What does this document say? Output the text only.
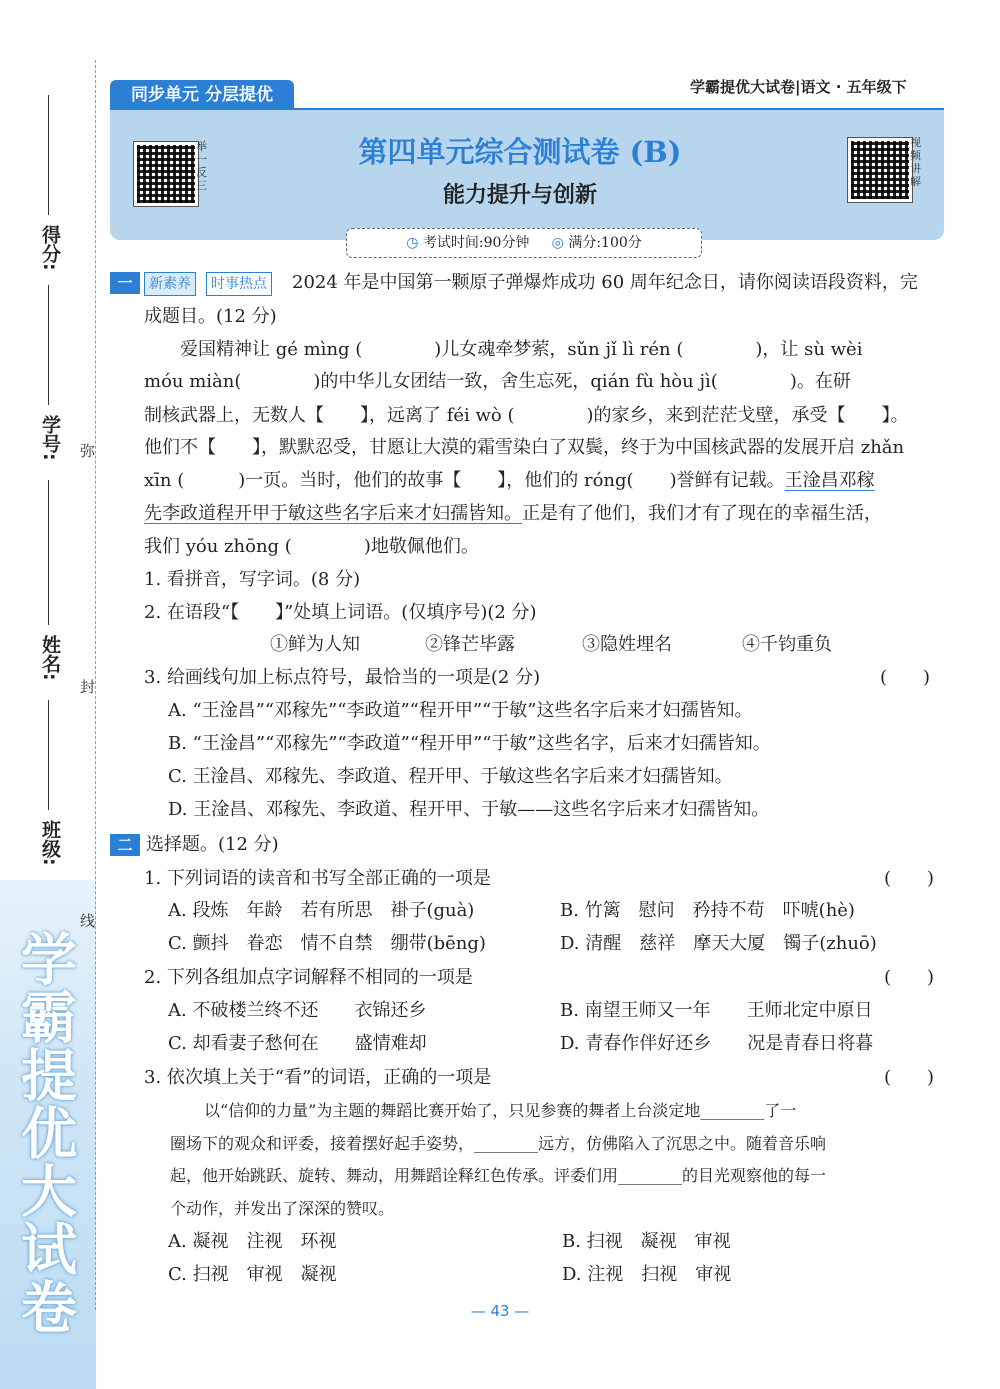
学霸提优大试卷
得分:
学号:
姓名:
班级:
弥
封
线
同步单元 分层提优	学霸提优大试卷|语文 · 五年级下
举一反三
视频讲解
第四单元综合测试卷 (B)
能力提升与创新
◷ 考试时间:90分钟 ◎ 满分:100分
一	新素养	时事热点 2024 年是中国第一颗原子弹爆炸成功 60 周年纪念日，请你阅读语段资料，完
成题目。(12 分)
爱国精神让 gé mìng (　　　　)儿女魂牵梦萦，sǔn jǐ lì rén (　　　　)，让 sù wèi
móu miàn(　　　　)的中华儿女团结一致，舍生忘死，qián fù hòu jì(　　　　)。在研
制核武器上，无数人【　　】，远离了 féi wò (　　　　)的家乡，来到茫茫戈壁，承受【　　】。
他们不【　　】，默默忍受，甘愿让大漠的霜雪染白了双鬓，终于为中国核武器的发展开启 zhǎn
xīn (　　　)一页。当时，他们的故事【　　】，他们的 róng(　　)誉鲜有记载。王淦昌邓稼
先李政道程开甲于敏这些名字后来才妇孺皆知。正是有了他们，我们才有了现在的幸福生活，
我们 yóu zhōng (　　　　)地敬佩他们。
1. 看拼音，写字词。(8 分)
2. 在语段“【　　】”处填上词语。(仅填序号)(2 分)
①鲜为人知	②锋芒毕露	③隐姓埋名	④千钧重负
3. 给画线句加上标点符号，最恰当的一项是(2 分)	(　　)
A. “王淦昌”“邓稼先”“李政道”“程开甲”“于敏”这些名字后来才妇孺皆知。
B. “王淦昌”“邓稼先”“李政道”“程开甲”“于敏”这些名字，后来才妇孺皆知。
C. 王淦昌、邓稼先、李政道、程开甲、于敏这些名字后来才妇孺皆知。
D. 王淦昌、邓稼先、李政道、程开甲、于敏——这些名字后来才妇孺皆知。
二 选择题。(12 分)
1. 下列词语的读音和书写全部正确的一项是	(　　)
A. 段炼　年龄　若有所思　褂子(guà)	B. 竹篱　慰问　矜持不苟　吓唬(hè)
C. 颤抖　眷恋　情不自禁　绷带(bēng)	D. 清醒　慈祥　摩天大厦　镯子(zhuō)
2. 下列各组加点字词解释不相同的一项是	(　　)
A. 不破楼兰终不还　　衣锦还乡	B. 南望王师又一年　　王师北定中原日
C. 却看妻子愁何在　　盛情难却	D. 青春作伴好还乡　　况是青春日将暮
3. 依次填上关于“看”的词语，正确的一项是	(　　)
以“信仰的力量”为主题的舞蹈比赛开始了，只见参赛的舞者上台淡定地________了一
圈场下的观众和评委，接着摆好起手姿势，________远方，仿佛陷入了沉思之中。随着音乐响
起，他开始跳跃、旋转、舞动，用舞蹈诠释红色传承。评委们用________的目光观察他的每一
个动作，并发出了深深的赞叹。
A. 凝视　注视　环视	B. 扫视　凝视　审视
C. 扫视　审视　凝视	D. 注视　扫视　审视
— 43 —
